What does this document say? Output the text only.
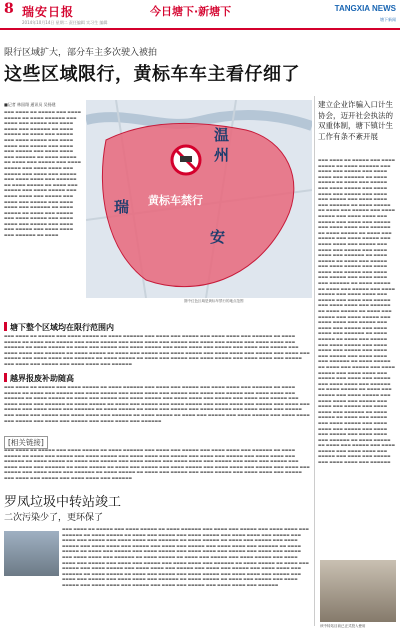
8 瑞安日报
2014年10月14日 星期二 责任编辑 实习生 编辑
今日塘下·新塘下	TANGXIA NEWS
塘下新闻
限行区域扩大，部分车主多次驶入被拍
这些区域限行，黄标车车主看仔细了
■记者 林国翔 通讯员 吴扬建
▬▬▬ ▬▬▬▬ ▬▬ ▬▬▬▬▬ ▬▬▬ ▬▬▬▬ ▬▬▬▬▬ ▬▬ ▬▬▬▬ ▬▬▬▬▬▬ ▬▬▬ ▬▬▬▬ ▬▬▬ ▬▬▬▬▬ ▬▬▬ ▬▬▬▬ ▬▬▬▬ ▬▬▬ ▬▬▬▬▬▬ ▬▬ ▬▬▬▬ ▬▬▬▬▬ ▬▬ ▬▬▬▬ ▬▬▬ ▬▬▬▬▬ ▬▬▬ ▬▬▬▬ ▬▬▬▬▬ ▬▬▬ ▬▬▬▬ ▬▬▬▬ ▬▬▬ ▬▬▬▬▬ ▬▬▬ ▬▬▬▬ ▬▬▬ ▬▬▬▬▬ ▬▬▬ ▬▬▬▬ ▬▬▬▬ ▬▬▬ ▬▬▬▬▬▬ ▬▬ ▬▬▬▬ ▬▬▬▬▬ ▬▬ ▬▬▬▬ ▬▬▬ ▬▬▬▬▬ ▬▬▬ ▬▬▬▬ ▬▬▬▬▬ ▬▬▬ ▬▬▬▬ ▬▬▬▬ ▬▬▬ ▬▬▬▬▬ ▬▬▬ ▬▬▬▬ ▬▬▬ ▬▬▬▬▬ ▬▬▬ ▬▬▬▬ ▬▬▬▬ ▬▬▬ ▬▬▬▬▬▬ ▬▬ ▬▬▬▬ ▬▬▬▬▬ ▬▬ ▬▬▬▬ ▬▬▬ ▬▬▬▬▬ ▬▬▬ ▬▬▬▬ ▬▬▬▬▬ ▬▬▬ ▬▬▬▬ ▬▬▬▬ ▬▬▬ ▬▬▬▬▬ ▬▬▬ ▬▬▬▬ ▬▬▬ ▬▬▬▬▬ ▬▬▬ ▬▬▬▬ ▬▬▬▬ ▬▬▬ ▬▬▬▬▬▬ ▬▬ ▬▬▬▬ ▬▬▬▬▬ ▬▬ ▬▬▬▬ ▬▬▬ ▬▬▬▬▬ ▬▬▬ ▬▬▬▬ ▬▬▬▬▬ ▬▬▬ ▬▬▬▬ ▬▬▬▬ ▬▬▬ ▬▬▬▬▬ ▬▬▬ ▬▬▬▬ ▬▬▬ ▬▬▬▬▬ ▬▬▬ ▬▬▬▬ ▬▬▬▬ ▬▬▬ ▬▬▬▬▬▬ ▬▬ ▬▬▬▬
温
州
瑞
安
黄标车禁行
图中红色区域是黄标车禁行的地点范围
建立企业诈骗入口计生协会，迈开社会执法的双重体制，塘下镇计生工作有条不紊开展
▬▬▬ ▬▬▬▬ ▬▬ ▬▬▬▬▬ ▬▬▬ ▬▬▬▬ ▬▬▬▬▬ ▬▬ ▬▬▬▬ ▬▬▬▬▬▬ ▬▬▬ ▬▬▬▬ ▬▬▬ ▬▬▬▬▬ ▬▬▬ ▬▬▬▬ ▬▬▬▬ ▬▬▬ ▬▬▬▬▬▬ ▬▬ ▬▬▬▬ ▬▬▬▬▬ ▬▬ ▬▬▬▬ ▬▬▬ ▬▬▬▬▬ ▬▬▬ ▬▬▬▬ ▬▬▬▬▬ ▬▬▬ ▬▬▬▬ ▬▬▬▬ ▬▬▬ ▬▬▬▬▬ ▬▬▬ ▬▬▬▬ ▬▬▬ ▬▬▬▬▬ ▬▬▬ ▬▬▬▬ ▬▬▬▬ ▬▬▬ ▬▬▬▬▬▬ ▬▬ ▬▬▬▬ ▬▬▬▬▬ ▬▬ ▬▬▬▬ ▬▬▬ ▬▬▬▬▬ ▬▬▬ ▬▬▬▬ ▬▬▬▬▬ ▬▬▬ ▬▬▬▬ ▬▬▬▬ ▬▬▬ ▬▬▬▬▬ ▬▬▬ ▬▬▬▬ ▬▬▬ ▬▬▬▬▬ ▬▬▬ ▬▬▬▬ ▬▬▬▬ ▬▬▬ ▬▬▬▬▬▬ ▬▬ ▬▬▬▬ ▬▬▬▬▬ ▬▬ ▬▬▬▬ ▬▬▬ ▬▬▬▬▬ ▬▬▬ ▬▬▬▬ ▬▬▬▬▬ ▬▬▬ ▬▬▬▬ ▬▬▬▬ ▬▬▬ ▬▬▬▬▬ ▬▬▬ ▬▬▬▬ ▬▬▬ ▬▬▬▬▬ ▬▬▬ ▬▬▬▬ ▬▬▬▬ ▬▬▬ ▬▬▬▬▬▬ ▬▬ ▬▬▬▬ ▬▬▬▬▬ ▬▬ ▬▬▬▬ ▬▬▬ ▬▬▬▬▬ ▬▬▬ ▬▬▬▬ ▬▬▬▬▬ ▬▬▬ ▬▬▬▬ ▬▬▬▬ ▬▬▬ ▬▬▬▬▬ ▬▬▬ ▬▬▬▬ ▬▬▬ ▬▬▬▬▬ ▬▬▬ ▬▬▬▬ ▬▬▬▬ ▬▬▬ ▬▬▬▬▬▬ ▬▬ ▬▬▬▬ ▬▬▬▬▬ ▬▬ ▬▬▬▬ ▬▬▬ ▬▬▬▬▬ ▬▬▬ ▬▬▬▬ ▬▬▬▬▬ ▬▬▬ ▬▬▬▬ ▬▬▬▬ ▬▬▬ ▬▬▬▬▬ ▬▬▬ ▬▬▬▬ ▬▬▬ ▬▬▬▬▬ ▬▬▬ ▬▬▬▬ ▬▬▬▬ ▬▬▬ ▬▬▬▬▬▬ ▬▬ ▬▬▬▬ ▬▬▬▬▬ ▬▬ ▬▬▬▬ ▬▬▬ ▬▬▬▬▬ ▬▬▬ ▬▬▬▬ ▬▬▬▬▬ ▬▬▬ ▬▬▬▬ ▬▬▬▬ ▬▬▬ ▬▬▬▬▬ ▬▬▬ ▬▬▬▬ ▬▬▬ ▬▬▬▬▬ ▬▬▬ ▬▬▬▬ ▬▬▬▬ ▬▬▬ ▬▬▬▬▬▬ ▬▬ ▬▬▬▬ ▬▬▬▬▬ ▬▬ ▬▬▬▬ ▬▬▬ ▬▬▬▬▬ ▬▬▬ ▬▬▬▬ ▬▬▬▬▬ ▬▬▬ ▬▬▬▬ ▬▬▬▬ ▬▬▬ ▬▬▬▬▬ ▬▬▬ ▬▬▬▬ ▬▬▬ ▬▬▬▬▬ ▬▬▬ ▬▬▬▬ ▬▬▬▬ ▬▬▬ ▬▬▬▬▬▬ ▬▬ ▬▬▬▬ ▬▬▬▬▬ ▬▬ ▬▬▬▬ ▬▬▬ ▬▬▬▬▬ ▬▬▬ ▬▬▬▬ ▬▬▬▬▬ ▬▬▬ ▬▬▬▬ ▬▬▬▬ ▬▬▬ ▬▬▬▬▬ ▬▬▬ ▬▬▬▬ ▬▬▬ ▬▬▬▬▬ ▬▬▬ ▬▬▬▬ ▬▬▬▬ ▬▬▬ ▬▬▬▬▬▬ ▬▬ ▬▬▬▬ ▬▬▬▬▬ ▬▬ ▬▬▬▬ ▬▬▬ ▬▬▬▬▬ ▬▬▬ ▬▬▬▬ ▬▬▬▬▬ ▬▬▬ ▬▬▬▬ ▬▬▬▬ ▬▬▬ ▬▬▬▬▬ ▬▬▬ ▬▬▬▬ ▬▬▬ ▬▬▬▬▬ ▬▬▬ ▬▬▬▬ ▬▬▬▬ ▬▬▬ ▬▬▬▬▬▬ ▬▬ ▬▬▬▬ ▬▬▬▬▬ ▬▬ ▬▬▬▬ ▬▬▬ ▬▬▬▬▬ ▬▬▬ ▬▬▬▬ ▬▬▬▬▬ ▬▬▬ ▬▬▬▬ ▬▬▬▬ ▬▬▬ ▬▬▬▬▬ ▬▬▬ ▬▬▬▬ ▬▬▬ ▬▬▬▬▬ ▬▬▬ ▬▬▬▬ ▬▬▬▬ ▬▬▬ ▬▬▬▬▬▬ ▬▬ ▬▬▬▬ ▬▬▬▬▬ ▬▬ ▬▬▬▬ ▬▬▬ ▬▬▬▬▬ ▬▬▬ ▬▬▬▬ ▬▬▬▬▬ ▬▬▬ ▬▬▬▬ ▬▬▬▬ ▬▬▬ ▬▬▬▬▬ ▬▬▬ ▬▬▬▬ ▬▬▬ ▬▬▬▬▬ ▬▬▬ ▬▬▬▬ ▬▬▬▬ ▬▬▬ ▬▬▬▬▬▬
塘下整个区域均在限行范围内
▬▬▬ ▬▬▬▬ ▬▬ ▬▬▬▬▬ ▬▬▬ ▬▬▬▬ ▬▬▬▬▬ ▬▬ ▬▬▬▬ ▬▬▬▬▬▬ ▬▬▬ ▬▬▬▬ ▬▬▬ ▬▬▬▬▬ ▬▬▬ ▬▬▬▬ ▬▬▬▬ ▬▬▬ ▬▬▬▬▬▬ ▬▬ ▬▬▬▬ ▬▬▬▬▬ ▬▬ ▬▬▬▬ ▬▬▬ ▬▬▬▬▬ ▬▬▬ ▬▬▬▬ ▬▬▬▬▬ ▬▬▬ ▬▬▬▬ ▬▬▬▬ ▬▬▬ ▬▬▬▬▬ ▬▬▬ ▬▬▬▬ ▬▬▬ ▬▬▬▬▬ ▬▬▬ ▬▬▬▬ ▬▬▬▬ ▬▬▬ ▬▬▬▬▬▬ ▬▬ ▬▬▬▬ ▬▬▬▬▬ ▬▬ ▬▬▬▬ ▬▬▬ ▬▬▬▬▬ ▬▬▬ ▬▬▬▬ ▬▬▬▬▬ ▬▬▬ ▬▬▬▬ ▬▬▬▬ ▬▬▬ ▬▬▬▬▬ ▬▬▬ ▬▬▬▬ ▬▬▬ ▬▬▬▬▬ ▬▬▬ ▬▬▬▬ ▬▬▬▬ ▬▬▬ ▬▬▬▬▬▬ ▬▬ ▬▬▬▬ ▬▬▬▬▬ ▬▬ ▬▬▬▬ ▬▬▬ ▬▬▬▬▬ ▬▬▬ ▬▬▬▬ ▬▬▬▬▬ ▬▬▬ ▬▬▬▬ ▬▬▬▬ ▬▬▬ ▬▬▬▬▬ ▬▬▬ ▬▬▬▬ ▬▬▬ ▬▬▬▬▬ ▬▬▬ ▬▬▬▬ ▬▬▬▬ ▬▬▬ ▬▬▬▬▬▬ ▬▬ ▬▬▬▬ ▬▬▬▬▬ ▬▬ ▬▬▬▬ ▬▬▬ ▬▬▬▬▬ ▬▬▬ ▬▬▬▬ ▬▬▬▬▬ ▬▬▬ ▬▬▬▬ ▬▬▬▬ ▬▬▬ ▬▬▬▬▬ ▬▬▬ ▬▬▬▬ ▬▬▬ ▬▬▬▬▬ ▬▬▬ ▬▬▬▬ ▬▬▬▬ ▬▬▬ ▬▬▬▬▬▬
越界报废补助随高
▬▬▬ ▬▬▬▬ ▬▬ ▬▬▬▬▬ ▬▬▬ ▬▬▬▬ ▬▬▬▬▬ ▬▬ ▬▬▬▬ ▬▬▬▬▬▬ ▬▬▬ ▬▬▬▬ ▬▬▬ ▬▬▬▬▬ ▬▬▬ ▬▬▬▬ ▬▬▬▬ ▬▬▬ ▬▬▬▬▬▬ ▬▬ ▬▬▬▬ ▬▬▬▬▬ ▬▬ ▬▬▬▬ ▬▬▬ ▬▬▬▬▬ ▬▬▬ ▬▬▬▬ ▬▬▬▬▬ ▬▬▬ ▬▬▬▬ ▬▬▬▬ ▬▬▬ ▬▬▬▬▬ ▬▬▬ ▬▬▬▬ ▬▬▬ ▬▬▬▬▬ ▬▬▬ ▬▬▬▬ ▬▬▬▬ ▬▬▬ ▬▬▬▬▬▬ ▬▬ ▬▬▬▬ ▬▬▬▬▬ ▬▬ ▬▬▬▬ ▬▬▬ ▬▬▬▬▬ ▬▬▬ ▬▬▬▬ ▬▬▬▬▬ ▬▬▬ ▬▬▬▬ ▬▬▬▬ ▬▬▬ ▬▬▬▬▬ ▬▬▬ ▬▬▬▬ ▬▬▬ ▬▬▬▬▬ ▬▬▬ ▬▬▬▬ ▬▬▬▬ ▬▬▬ ▬▬▬▬▬▬ ▬▬ ▬▬▬▬ ▬▬▬▬▬ ▬▬ ▬▬▬▬ ▬▬▬ ▬▬▬▬▬ ▬▬▬ ▬▬▬▬ ▬▬▬▬▬ ▬▬▬ ▬▬▬▬ ▬▬▬▬ ▬▬▬ ▬▬▬▬▬ ▬▬▬ ▬▬▬▬ ▬▬▬ ▬▬▬▬▬ ▬▬▬ ▬▬▬▬ ▬▬▬▬ ▬▬▬ ▬▬▬▬▬▬ ▬▬ ▬▬▬▬ ▬▬▬▬▬ ▬▬ ▬▬▬▬ ▬▬▬ ▬▬▬▬▬ ▬▬▬ ▬▬▬▬ ▬▬▬▬▬ ▬▬▬ ▬▬▬▬ ▬▬▬▬ ▬▬▬ ▬▬▬▬▬ ▬▬▬ ▬▬▬▬ ▬▬▬ ▬▬▬▬▬ ▬▬▬ ▬▬▬▬ ▬▬▬▬ ▬▬▬ ▬▬▬▬▬▬ ▬▬ ▬▬▬▬ ▬▬▬▬▬ ▬▬ ▬▬▬▬ ▬▬▬ ▬▬▬▬▬ ▬▬▬ ▬▬▬▬ ▬▬▬▬▬ ▬▬▬ ▬▬▬▬ ▬▬▬▬ ▬▬▬ ▬▬▬▬▬ ▬▬▬ ▬▬▬▬ ▬▬▬ ▬▬▬▬▬ ▬▬▬ ▬▬▬▬ ▬▬▬▬ ▬▬▬ ▬▬▬▬▬▬
[相关链接]
▬▬▬ ▬▬▬▬ ▬▬ ▬▬▬▬▬ ▬▬▬ ▬▬▬▬ ▬▬▬▬▬ ▬▬ ▬▬▬▬ ▬▬▬▬▬▬ ▬▬▬ ▬▬▬▬ ▬▬▬ ▬▬▬▬▬ ▬▬▬ ▬▬▬▬ ▬▬▬▬ ▬▬▬ ▬▬▬▬▬▬ ▬▬ ▬▬▬▬ ▬▬▬▬▬ ▬▬ ▬▬▬▬ ▬▬▬ ▬▬▬▬▬ ▬▬▬ ▬▬▬▬ ▬▬▬▬▬ ▬▬▬ ▬▬▬▬ ▬▬▬▬ ▬▬▬ ▬▬▬▬▬ ▬▬▬ ▬▬▬▬ ▬▬▬ ▬▬▬▬▬ ▬▬▬ ▬▬▬▬ ▬▬▬▬ ▬▬▬ ▬▬▬▬▬▬ ▬▬ ▬▬▬▬ ▬▬▬▬▬ ▬▬ ▬▬▬▬ ▬▬▬ ▬▬▬▬▬ ▬▬▬ ▬▬▬▬ ▬▬▬▬▬ ▬▬▬ ▬▬▬▬ ▬▬▬▬ ▬▬▬ ▬▬▬▬▬ ▬▬▬ ▬▬▬▬ ▬▬▬ ▬▬▬▬▬ ▬▬▬ ▬▬▬▬ ▬▬▬▬ ▬▬▬ ▬▬▬▬▬▬ ▬▬ ▬▬▬▬ ▬▬▬▬▬ ▬▬ ▬▬▬▬ ▬▬▬ ▬▬▬▬▬ ▬▬▬ ▬▬▬▬ ▬▬▬▬▬ ▬▬▬ ▬▬▬▬ ▬▬▬▬ ▬▬▬ ▬▬▬▬▬ ▬▬▬ ▬▬▬▬ ▬▬▬ ▬▬▬▬▬ ▬▬▬ ▬▬▬▬ ▬▬▬▬ ▬▬▬ ▬▬▬▬▬▬ ▬▬ ▬▬▬▬ ▬▬▬▬▬ ▬▬ ▬▬▬▬ ▬▬▬ ▬▬▬▬▬ ▬▬▬ ▬▬▬▬ ▬▬▬▬▬ ▬▬▬ ▬▬▬▬ ▬▬▬▬ ▬▬▬ ▬▬▬▬▬ ▬▬▬ ▬▬▬▬ ▬▬▬ ▬▬▬▬▬ ▬▬▬ ▬▬▬▬ ▬▬▬▬ ▬▬▬ ▬▬▬▬▬▬
罗凤垃圾中转站竣工
二次污染少了，更环保了
▬▬▬ ▬▬▬▬ ▬▬ ▬▬▬▬▬ ▬▬▬ ▬▬▬▬ ▬▬▬▬▬ ▬▬ ▬▬▬▬ ▬▬▬▬▬▬ ▬▬▬ ▬▬▬▬ ▬▬▬ ▬▬▬▬▬ ▬▬▬ ▬▬▬▬ ▬▬▬▬ ▬▬▬ ▬▬▬▬▬▬ ▬▬ ▬▬▬▬ ▬▬▬▬▬ ▬▬ ▬▬▬▬ ▬▬▬ ▬▬▬▬▬ ▬▬▬ ▬▬▬▬ ▬▬▬▬▬ ▬▬▬ ▬▬▬▬ ▬▬▬▬ ▬▬▬ ▬▬▬▬▬ ▬▬▬ ▬▬▬▬ ▬▬▬ ▬▬▬▬▬ ▬▬▬ ▬▬▬▬ ▬▬▬▬ ▬▬▬ ▬▬▬▬▬▬ ▬▬ ▬▬▬▬ ▬▬▬▬▬ ▬▬ ▬▬▬▬ ▬▬▬ ▬▬▬▬▬ ▬▬▬ ▬▬▬▬ ▬▬▬▬▬ ▬▬▬ ▬▬▬▬ ▬▬▬▬ ▬▬▬ ▬▬▬▬▬ ▬▬▬ ▬▬▬▬ ▬▬▬ ▬▬▬▬▬ ▬▬▬ ▬▬▬▬ ▬▬▬▬ ▬▬▬ ▬▬▬▬▬▬ ▬▬ ▬▬▬▬ ▬▬▬▬▬ ▬▬ ▬▬▬▬ ▬▬▬ ▬▬▬▬▬ ▬▬▬ ▬▬▬▬ ▬▬▬▬▬ ▬▬▬ ▬▬▬▬ ▬▬▬▬ ▬▬▬ ▬▬▬▬▬ ▬▬▬ ▬▬▬▬ ▬▬▬ ▬▬▬▬▬ ▬▬▬ ▬▬▬▬ ▬▬▬▬ ▬▬▬ ▬▬▬▬▬▬ ▬▬ ▬▬▬▬ ▬▬▬▬▬ ▬▬ ▬▬▬▬ ▬▬▬ ▬▬▬▬▬ ▬▬▬ ▬▬▬▬ ▬▬▬▬▬ ▬▬▬ ▬▬▬▬ ▬▬▬▬ ▬▬▬ ▬▬▬▬▬ ▬▬▬ ▬▬▬▬ ▬▬▬ ▬▬▬▬▬ ▬▬▬ ▬▬▬▬ ▬▬▬▬ ▬▬▬ ▬▬▬▬▬▬ ▬▬ ▬▬▬▬ ▬▬▬▬▬ ▬▬ ▬▬▬▬ ▬▬▬ ▬▬▬▬▬ ▬▬▬ ▬▬▬▬ ▬▬▬▬▬ ▬▬▬ ▬▬▬▬ ▬▬▬▬ ▬▬▬ ▬▬▬▬▬ ▬▬▬ ▬▬▬▬ ▬▬▬ ▬▬▬▬▬ ▬▬▬ ▬▬▬▬ ▬▬▬▬ ▬▬▬ ▬▬▬▬▬▬ ▬▬ ▬▬▬▬ ▬▬▬▬▬ ▬▬ ▬▬▬▬ ▬▬▬ ▬▬▬▬▬ ▬▬▬ ▬▬▬▬ ▬▬▬▬▬ ▬▬▬ ▬▬▬▬ ▬▬▬▬ ▬▬▬ ▬▬▬▬▬ ▬▬▬ ▬▬▬▬ ▬▬▬ ▬▬▬▬▬ ▬▬▬ ▬▬▬▬ ▬▬▬▬ ▬▬▬ ▬▬▬▬▬▬ ▬▬ ▬▬▬▬ ▬▬▬▬▬ ▬▬ ▬▬▬▬ ▬▬▬ ▬▬▬▬▬ ▬▬▬ ▬▬▬▬ ▬▬▬▬▬ ▬▬▬ ▬▬▬▬ ▬▬▬▬ ▬▬▬ ▬▬▬▬▬ ▬▬▬ ▬▬▬▬ ▬▬▬ ▬▬▬▬▬ ▬▬▬ ▬▬▬▬ ▬▬▬▬ ▬▬▬ ▬▬▬▬▬▬
该中转站目前已正式投入使用
